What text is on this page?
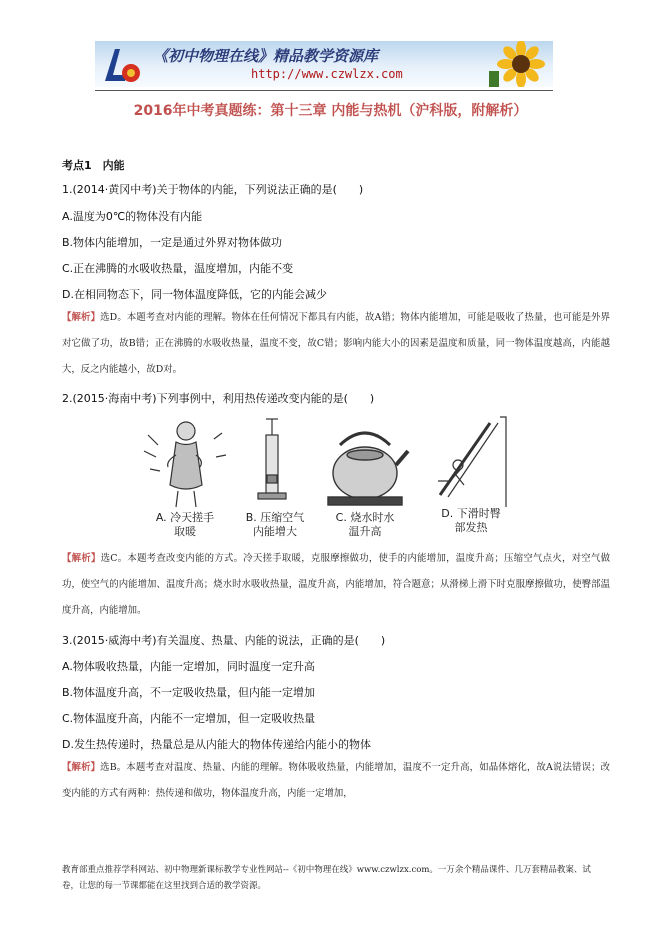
《初中物理在线》精品教学资源库
http://www.czwlzx.com
2016年中考真题练：第十三章 内能与热机（沪科版，附解析）
考点1　内能
1.(2014·黄冈中考)关于物体的内能，下列说法正确的是(　　)
A.温度为0℃的物体没有内能
B.物体内能增加，一定是通过外界对物体做功
C.正在沸腾的水吸收热量，温度增加，内能不变
D.在相同物态下，同一物体温度降低，它的内能会减少
【解析】选D。本题考查对内能的理解。物体在任何情况下都具有内能，故A错；物体内能增加，可能是吸收了热量，也可能是外界对它做了功，故B错；正在沸腾的水吸收热量，温度不变，故C错；影响内能大小的因素是温度和质量，同一物体温度越高，内能越大，反之内能越小，故D对。
2.(2015·海南中考)下列事例中，利用热传递改变内能的是(　　)
A. 冷天搓手
取暖
B. 压缩空气
内能增大
C. 烧水时水
温升高
D. 下滑时臀
部发热
【解析】选C。本题考查改变内能的方式。冷天搓手取暖，克服摩擦做功，使手的内能增加，温度升高；压缩空气点火，对空气做功，使空气的内能增加、温度升高；烧水时水吸收热量，温度升高，内能增加，符合题意；从滑梯上滑下时克服摩擦做功，使臀部温度升高，内能增加。
3.(2015·威海中考)有关温度、热量、内能的说法，正确的是(　　)
A.物体吸收热量，内能一定增加，同时温度一定升高
B.物体温度升高，不一定吸收热量，但内能一定增加
C.物体温度升高，内能不一定增加，但一定吸收热量
D.发生热传递时，热量总是从内能大的物体传递给内能小的物体
【解析】选B。本题考查对温度、热量、内能的理解。物体吸收热量，内能增加，温度不一定升高，如晶体熔化，故A说法错误；改变内能的方式有两种：热传递和做功，物体温度升高，内能一定增加，
教育部重点推荐学科网站、初中物理新课标教学专业性网站--《初中物理在线》www.czwlzx.com。一万余个精品课件、几万套精品教案、试卷，让您的每一节课都能在这里找到合适的教学资源。
